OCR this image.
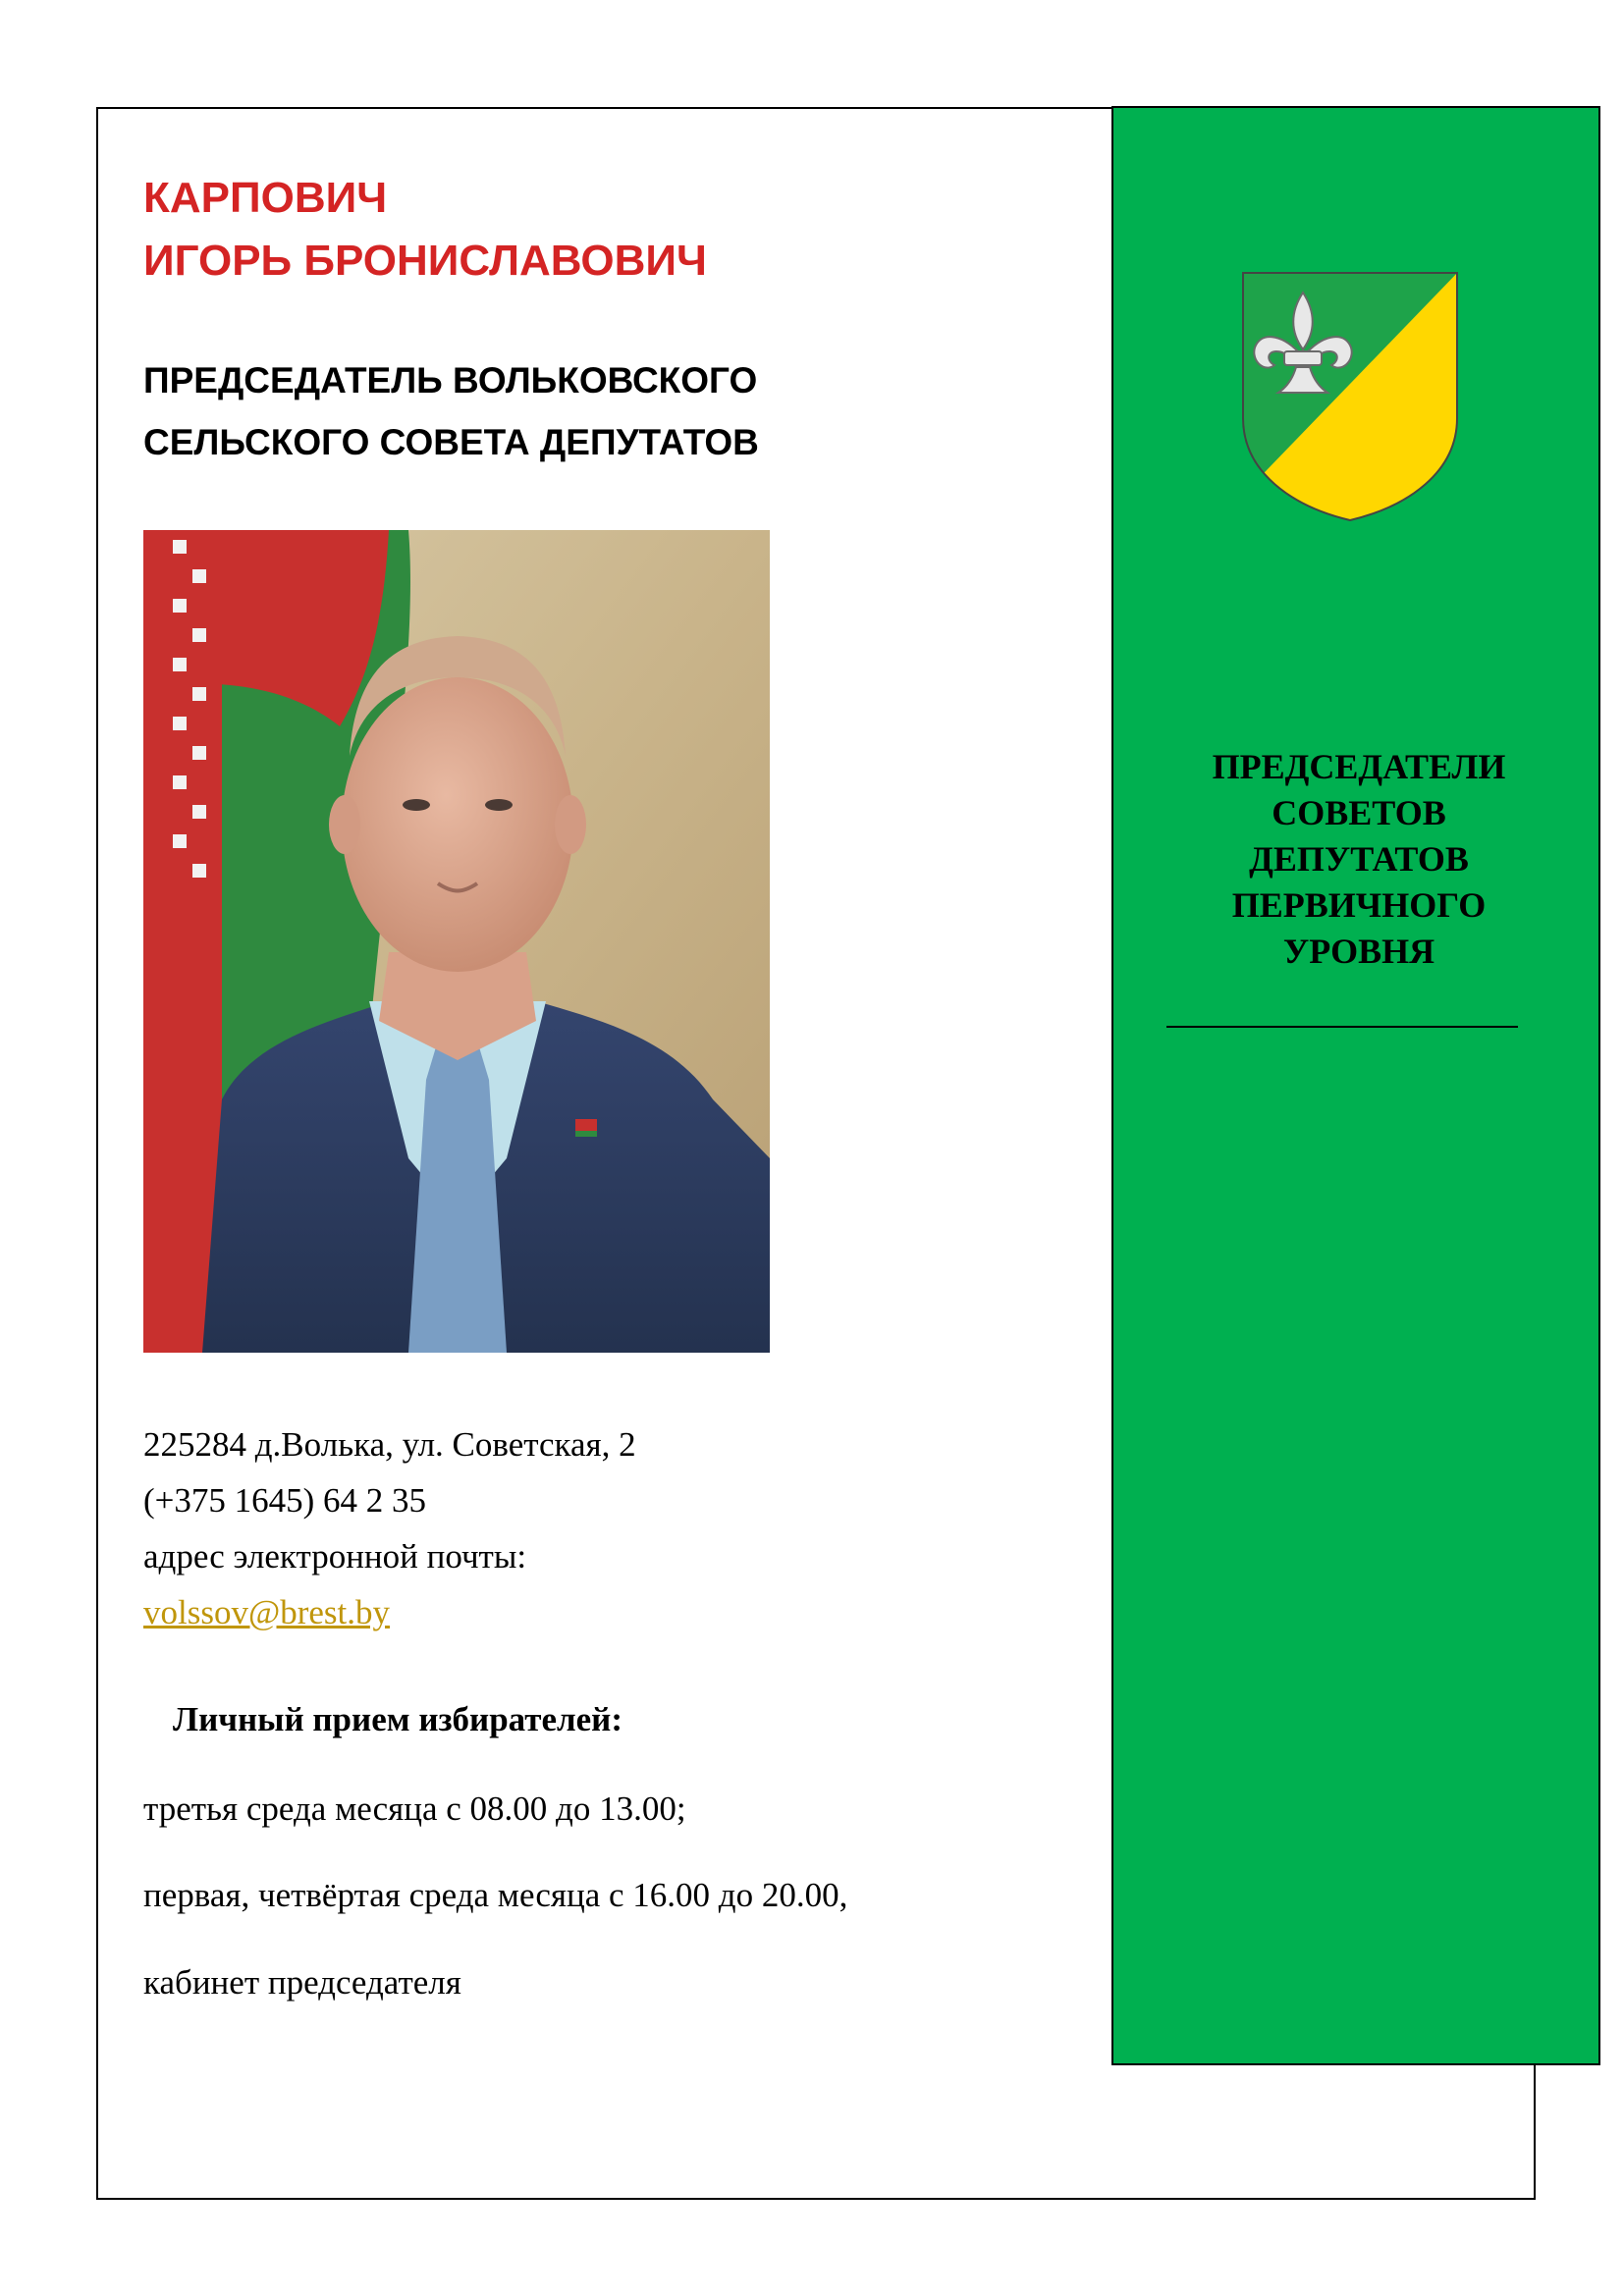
ПРЕДСЕДАТЕЛИ
СОВЕТОВ
ДЕПУТАТОВ
ПЕРВИЧНОГО
УРОВНЯ
КАРПОВИЧ
ИГОРЬ БРОНИСЛАВОВИЧ
ПРЕДСЕДАТЕЛЬ ВОЛЬКОВСКОГО
СЕЛЬСКОГО СОВЕТА ДЕПУТАТОВ
225284 д.Волька, ул. Советская, 2
(+375 1645) 64 2 35
адрес электронной почты:
volssov@brest.by
Личный прием избирателей:
третья среда месяца с 08.00 до 13.00;
первая, четвёртая среда месяца с 16.00 до 20.00,
кабинет председателя
